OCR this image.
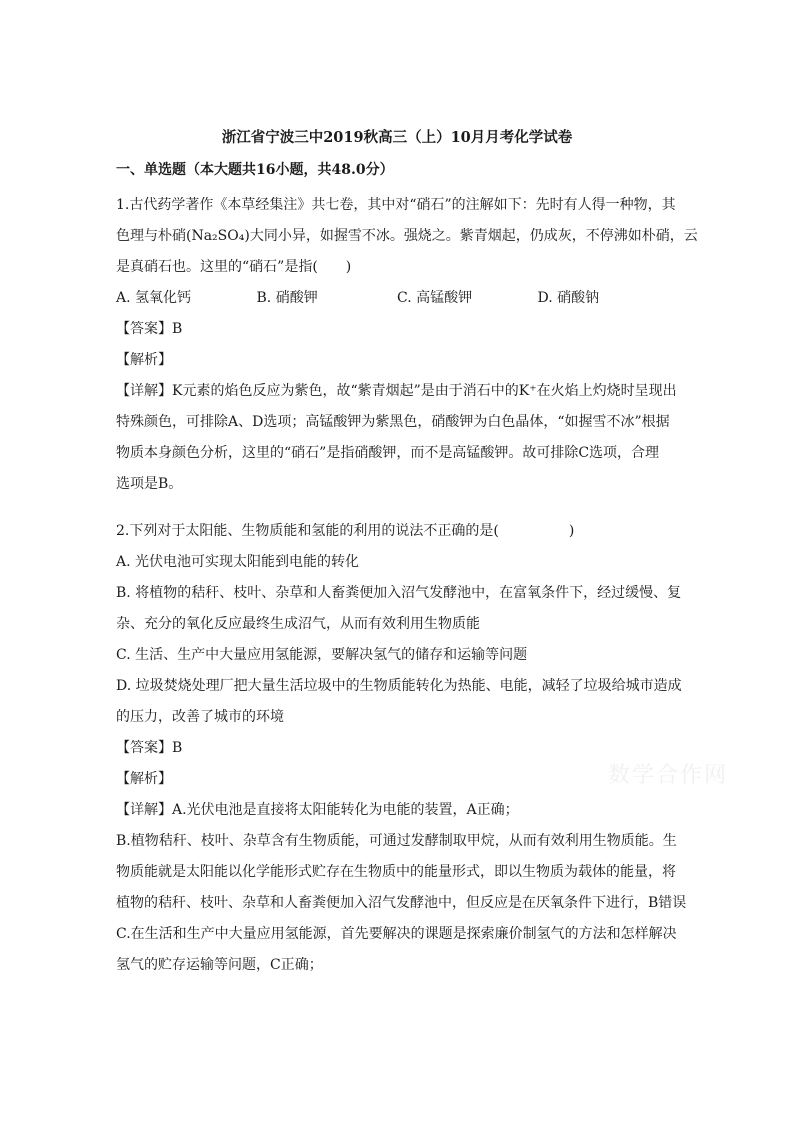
浙江省宁波三中2019秋高三（上）10月月考化学试卷
一、单选题（本大题共16小题，共48.0分）
1.古代药学著作《本草经集注》共七卷，其中对“硝石”的注解如下：先时有人得一种物，其
色理与朴硝(Na₂SO₄)大同小异，如握雪不冰。强烧之。紫青烟起，仍成灰，不停沸如朴硝，云
是真硝石也。这里的“硝石”是指(　　)
A. 氢氧化钙	B. 硝酸钾	C. 高锰酸钾	D. 硝酸钠
【答案】B
【解析】
【详解】K元素的焰色反应为紫色，故“紫青烟起”是由于消石中的K⁺在火焰上灼烧时呈现出
特殊颜色，可排除A、D选项；高锰酸钾为紫黑色，硝酸钾为白色晶体，“如握雪不冰”根据
物质本身颜色分析，这里的“硝石”是指硝酸钾，而不是高锰酸钾。故可排除C选项，合理
选项是B。
2.下列对于太阳能、生物质能和氢能的利用的说法不正确的是(　　　　　)
A. 光伏电池可实现太阳能到电能的转化
B. 将植物的秸秆、枝叶、杂草和人畜粪便加入沼气发酵池中，在富氧条件下，经过缓慢、复
杂、充分的氧化反应最终生成沼气，从而有效利用生物质能
C. 生活、生产中大量应用氢能源，要解决氢气的储存和运输等问题
D. 垃圾焚烧处理厂把大量生活垃圾中的生物质能转化为热能、电能，减轻了垃圾给城市造成
的压力，改善了城市的环境
【答案】B
【解析】
【详解】A.光伏电池是直接将太阳能转化为电能的装置，A正确；
B.植物秸秆、枝叶、杂草含有生物质能，可通过发酵制取甲烷，从而有效利用生物质能。生
物质能就是太阳能以化学能形式贮存在生物质中的能量形式，即以生物质为载体的能量，将
植物的秸秆、枝叶、杂草和人畜粪便加入沼气发酵池中，但反应是在厌氧条件下进行，B错误
C.在生活和生产中大量应用氢能源，首先要解决的课题是探索廉价制氢气的方法和怎样解决
氢气的贮存运输等问题，C正确；
数学合作网
